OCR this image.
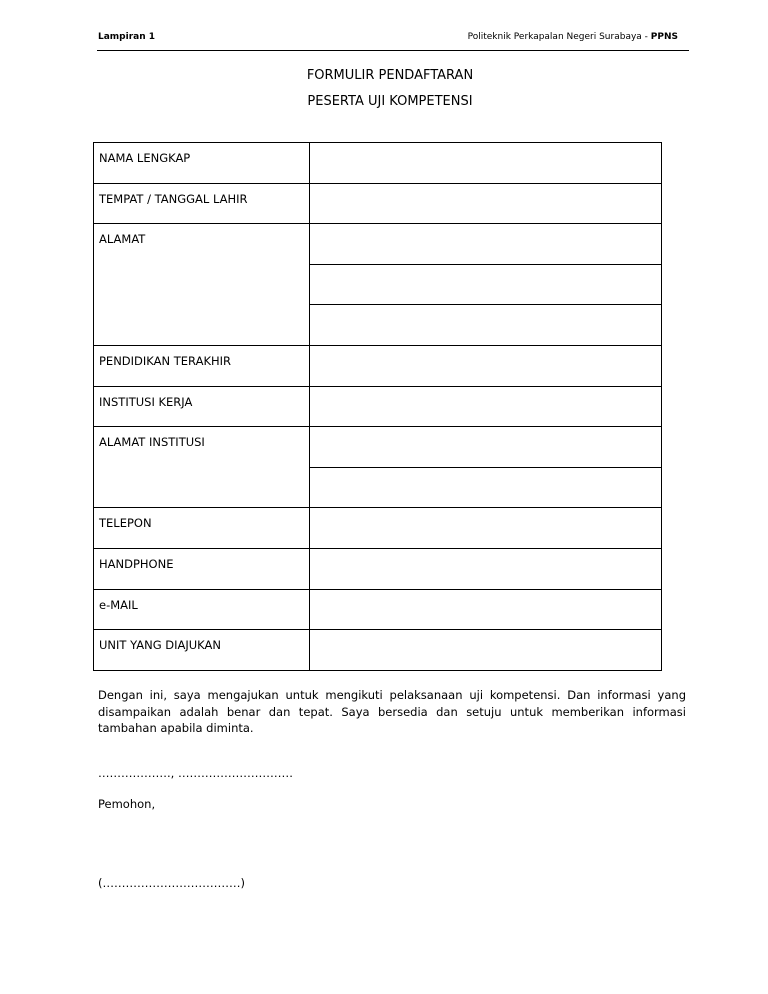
Lampiran 1	Politeknik Perkapalan Negeri Surabaya - PPNS
FORMULIR PENDAFTARAN
PESERTA UJI KOMPETENSI
NAMA LENGKAP	
TEMPAT / TANGGAL LAHIR	
ALAMAT	

PENDIDIKAN TERAKHIR	
INSTITUSI KERJA	
ALAMAT INSTITUSI	

TELEPON	
HANDPHONE	
e-MAIL	
UNIT YANG DIAJUKAN	
Dengan ini, saya mengajukan untuk mengikuti pelaksanaan uji kompetensi. Dan informasi yang disampaikan adalah benar dan tepat. Saya bersedia dan setuju untuk memberikan informasi tambahan apabila diminta.
………………., …………………………
Pemohon,
(………………………………)
